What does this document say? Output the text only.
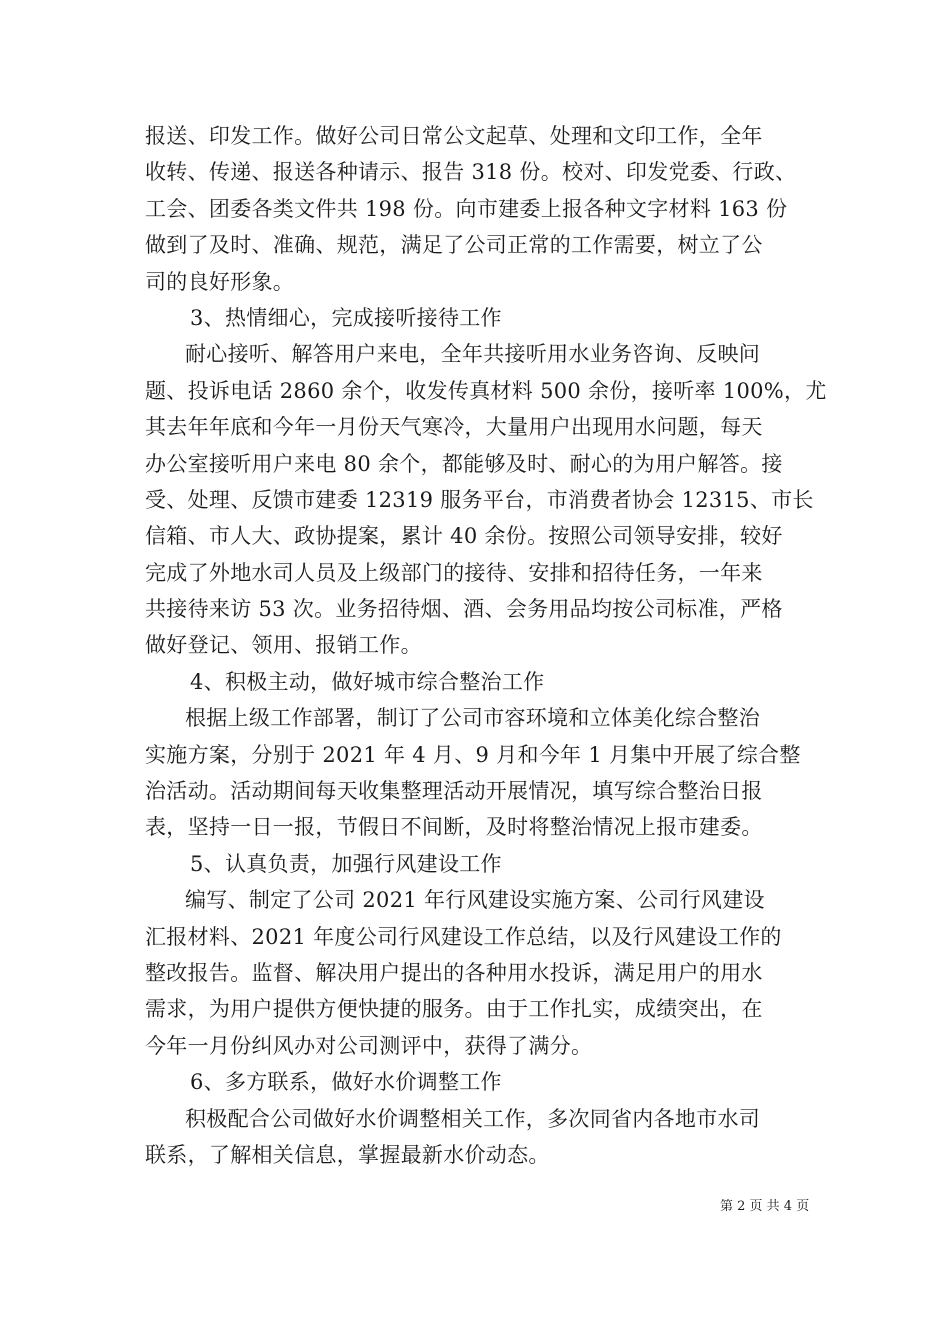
报送、印发工作。做好公司日常公文起草、处理和文印工作，全年
收转、传递、报送各种请示、报告 318 份。校对、印发党委、行政、
工会、团委各类文件共 198 份。向市建委上报各种文字材料 163 份
做到了及时、准确、规范，满足了公司正常的工作需要，树立了公
司的良好形象。
3、热情细心，完成接听接待工作
耐心接听、解答用户来电，全年共接听用水业务咨询、反映问
题、投诉电话 2860 余个，收发传真材料 500 余份，接听率 100%，尤
其去年年底和今年一月份天气寒冷，大量用户出现用水问题，每天
办公室接听用户来电 80 余个，都能够及时、耐心的为用户解答。接
受、处理、反馈市建委 12319 服务平台，市消费者协会 12315、市长
信箱、市人大、政协提案，累计 40 余份。按照公司领导安排，较好
完成了外地水司人员及上级部门的接待、安排和招待任务，一年来
共接待来访 53 次。业务招待烟、酒、会务用品均按公司标准，严格
做好登记、领用、报销工作。
4、积极主动，做好城市综合整治工作
根据上级工作部署，制订了公司市容环境和立体美化综合整治
实施方案，分别于 2021 年 4 月、9 月和今年 1 月集中开展了综合整
治活动。活动期间每天收集整理活动开展情况，填写综合整治日报
表，坚持一日一报，节假日不间断，及时将整治情况上报市建委。
5、认真负责，加强行风建设工作
编写、制定了公司 2021 年行风建设实施方案、公司行风建设
汇报材料、2021 年度公司行风建设工作总结，以及行风建设工作的
整改报告。监督、解决用户提出的各种用水投诉，满足用户的用水
需求，为用户提供方便快捷的服务。由于工作扎实，成绩突出，在
今年一月份纠风办对公司测评中，获得了满分。
6、多方联系，做好水价调整工作
积极配合公司做好水价调整相关工作，多次同省内各地市水司
联系，了解相关信息，掌握最新水价动态。
第 2 页 共 4 页
